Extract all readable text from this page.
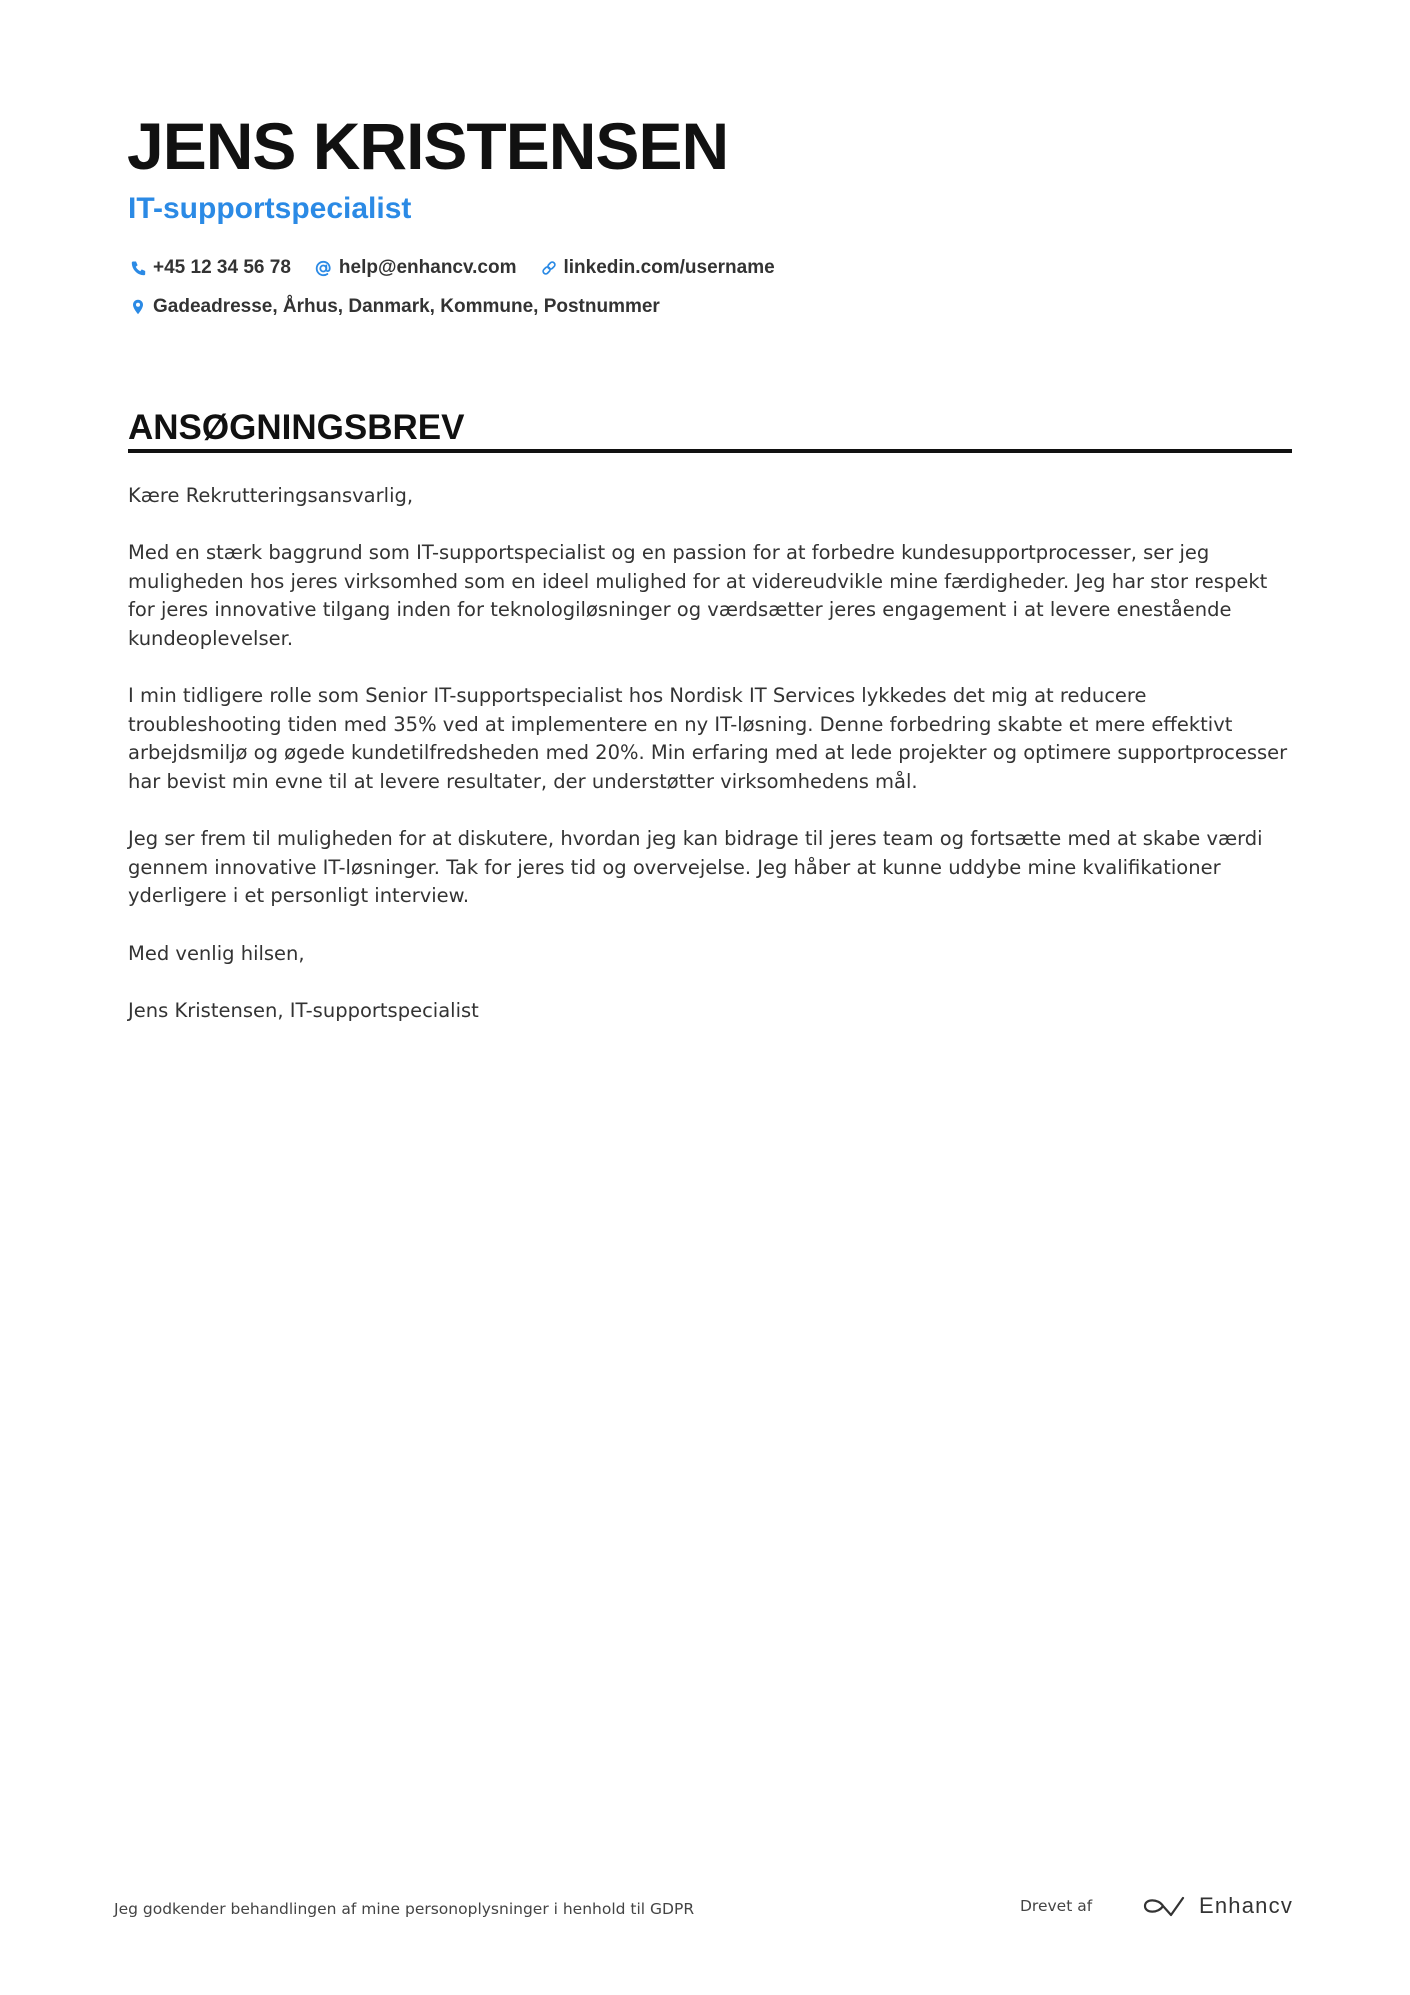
JENS KRISTENSEN
IT-supportspecialist
+45 12 34 56 78	help@enhancv.com linkedin.com/username
Gadeadresse, Århus, Danmark, Kommune, Postnummer
ANSØGNINGSBREV

Kære Rekrutteringsansvarlig,

Med en stærk baggrund som IT-supportspecialist og en passion for at forbedre kundesupportprocesser, ser jeg muligheden hos jeres virksomhed som en ideel mulighed for at videreudvikle mine færdigheder. Jeg har stor respekt for jeres innovative tilgang inden for teknologiløsninger og værdsætter jeres engagement i at levere enestående kundeoplevelser.

I min tidligere rolle som Senior IT-supportspecialist hos Nordisk IT Services lykkedes det mig at reducere troubleshooting tiden med 35% ved at implementere en ny IT-løsning. Denne forbedring skabte et mere effektivt arbejdsmiljø og øgede kundetilfredsheden med 20%. Min erfaring med at lede projekter og optimere supportprocesser har bevist min evne til at levere resultater, der understøtter virksomhedens mål.

Jeg ser frem til muligheden for at diskutere, hvordan jeg kan bidrage til jeres team og fortsætte med at skabe værdi gennem innovative IT-løsninger. Tak for jeres tid og overvejelse. Jeg håber at kunne uddybe mine kvalifikationer yderligere i et personligt interview.

Med venlig hilsen,

Jens Kristensen, IT-supportspecialist

Jeg godkender behandlingen af mine personoplysninger i henhold til GDPR	Drevet af	Enhancv
